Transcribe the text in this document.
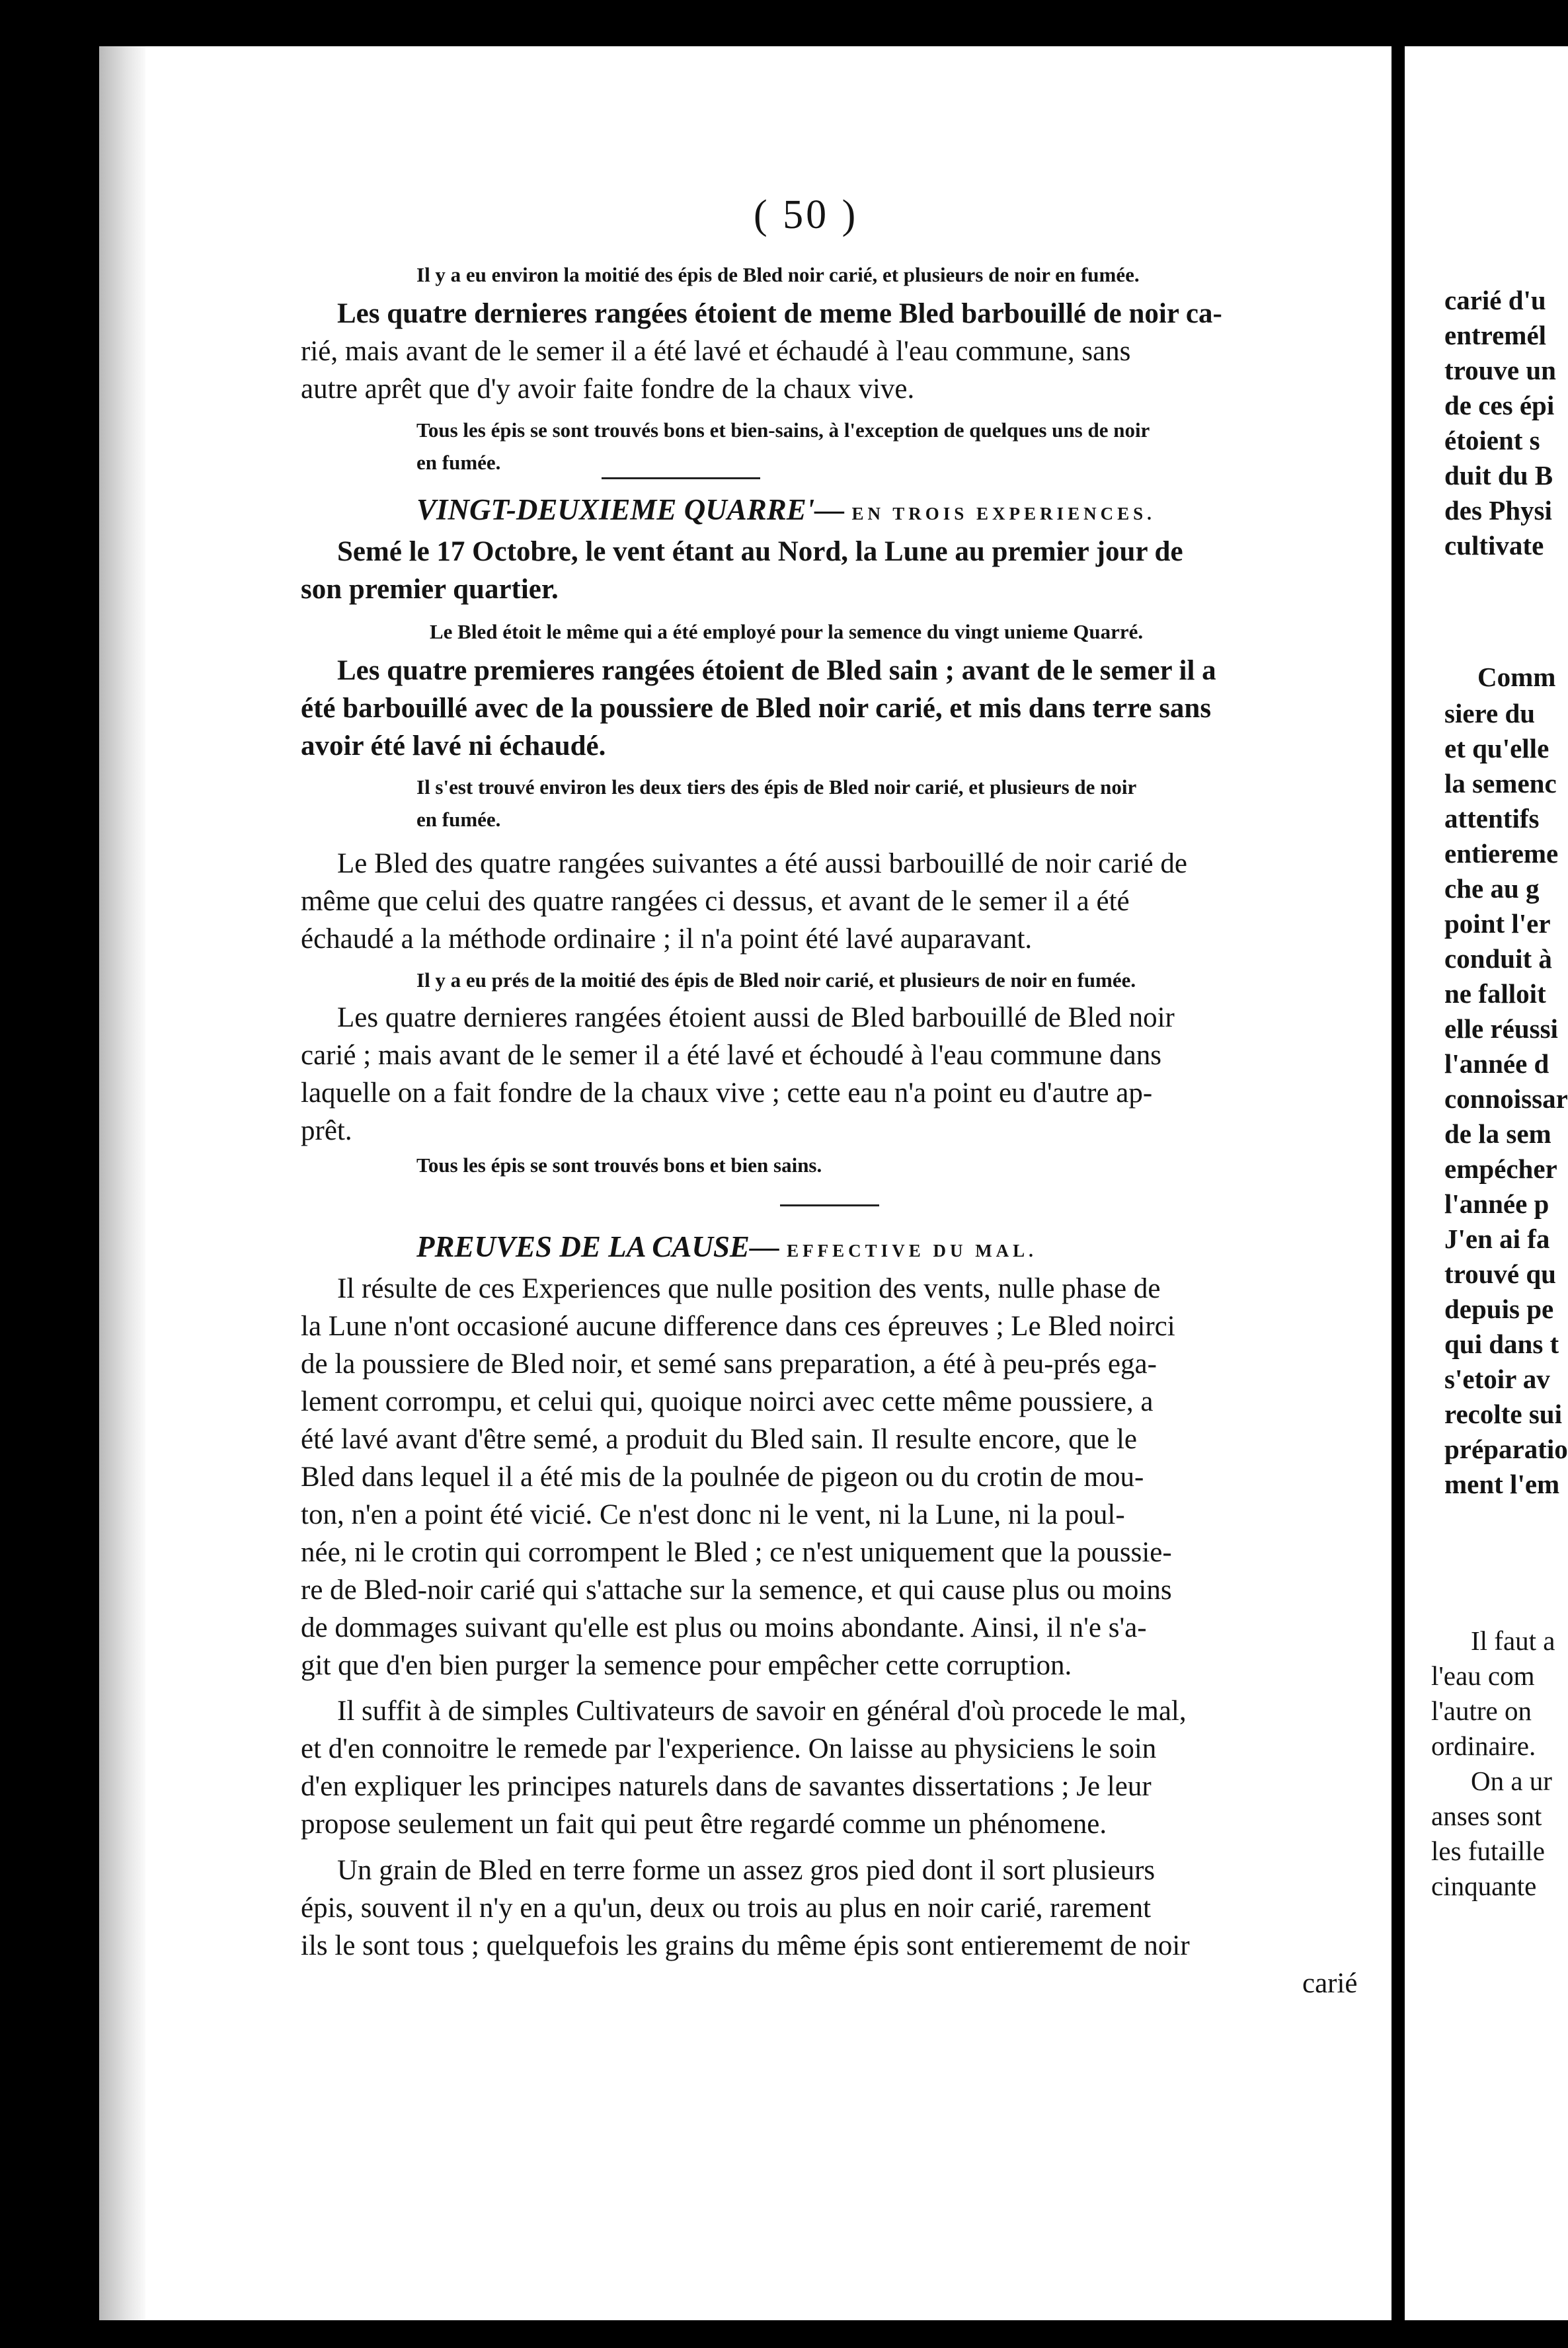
( 50 )
Il y a eu environ la moitié des épis de Bled noir carié, et plusieurs de noir en fumée.
Les quatre dernieres rangées étoient de meme Bled barbouillé de noir ca-
rié, mais avant de le semer il a été lavé et échaudé à l'eau commune, sans
autre aprêt que d'y avoir faite fondre de la chaux vive.
Tous les épis se sont trouvés bons et bien-sains, à l'exception de quelques uns de noir
en fumée.
VINGT-DEUXIEME QUARRE'— EN TROIS EXPERIENCES.
Semé le 17 Octobre, le vent étant au Nord, la Lune au premier jour de
son premier quartier.
Le Bled étoit le même qui a été employé pour la semence du vingt unieme Quarré.
Les quatre premieres rangées étoient de Bled sain ; avant de le semer il a
été barbouillé avec de la poussiere de Bled noir carié, et mis dans terre sans
avoir été lavé ni échaudé.
Il s'est trouvé environ les deux tiers des épis de Bled noir carié, et plusieurs de noir
en fumée.
Le Bled des quatre rangées suivantes a été aussi barbouillé de noir carié de
même que celui des quatre rangées ci dessus, et avant de le semer il a été
échaudé a la méthode ordinaire ; il n'a point été lavé auparavant.
Il y a eu prés de la moitié des épis de Bled noir carié, et plusieurs de noir en fumée.
Les quatre dernieres rangées étoient aussi de Bled barbouillé de Bled noir
carié ; mais avant de le semer il a été lavé et échoudé à l'eau commune dans
laquelle on a fait fondre de la chaux vive ; cette eau n'a point eu d'autre ap-
prêt.
Tous les épis se sont trouvés bons et bien sains.
PREUVES DE LA CAUSE— EFFECTIVE DU MAL.
Il résulte de ces Experiences que nulle position des vents, nulle phase de
la Lune n'ont occasioné aucune difference dans ces épreuves ; Le Bled noirci
de la poussiere de Bled noir, et semé sans preparation, a été à peu-prés ega-
lement corrompu, et celui qui, quoique noirci avec cette même poussiere, a
été lavé avant d'être semé, a produit du Bled sain. Il resulte encore, que le
Bled dans lequel il a été mis de la poulnée de pigeon ou du crotin de mou-
ton, n'en a point été vicié. Ce n'est donc ni le vent, ni la Lune, ni la poul-
née, ni le crotin qui corrompent le Bled ; ce n'est uniquement que la poussie-
re de Bled-noir carié qui s'attache sur la semence, et qui cause plus ou moins
de dommages suivant qu'elle est plus ou moins abondante. Ainsi, il n'e s'a-
git que d'en bien purger la semence pour empêcher cette corruption.
Il suffit à de simples Cultivateurs de savoir en général d'où procede le mal,
et d'en connoitre le remede par l'experience. On laisse au physiciens le soin
d'en expliquer les principes naturels dans de savantes dissertations ; Je leur
propose seulement un fait qui peut être regardé comme un phénomene.
Un grain de Bled en terre forme un assez gros pied dont il sort plusieurs
épis, souvent il n'y en a qu'un, deux ou trois au plus en noir carié, rarement
ils le sont tous ; quelquefois les grains du même épis sont entierememt de noir
carié
carié d'u
entremél
trouve un
de ces épi
étoient s
duit du B
des Physi
cultivate
Comm
siere du
et qu'elle
la semenc
attentifs
entiereme
che au g
point l'er
conduit à
ne falloit
elle réussi
l'année d
connoissar
de la sem
empécher
l'année p
J'en ai fa
trouvé qu
depuis pe
qui dans t
s'etoir av
recolte sui
préparatio
ment l'em
Il faut a
l'eau com
l'autre on
ordinaire.
On a ur
anses sont
les futaille
cinquante
